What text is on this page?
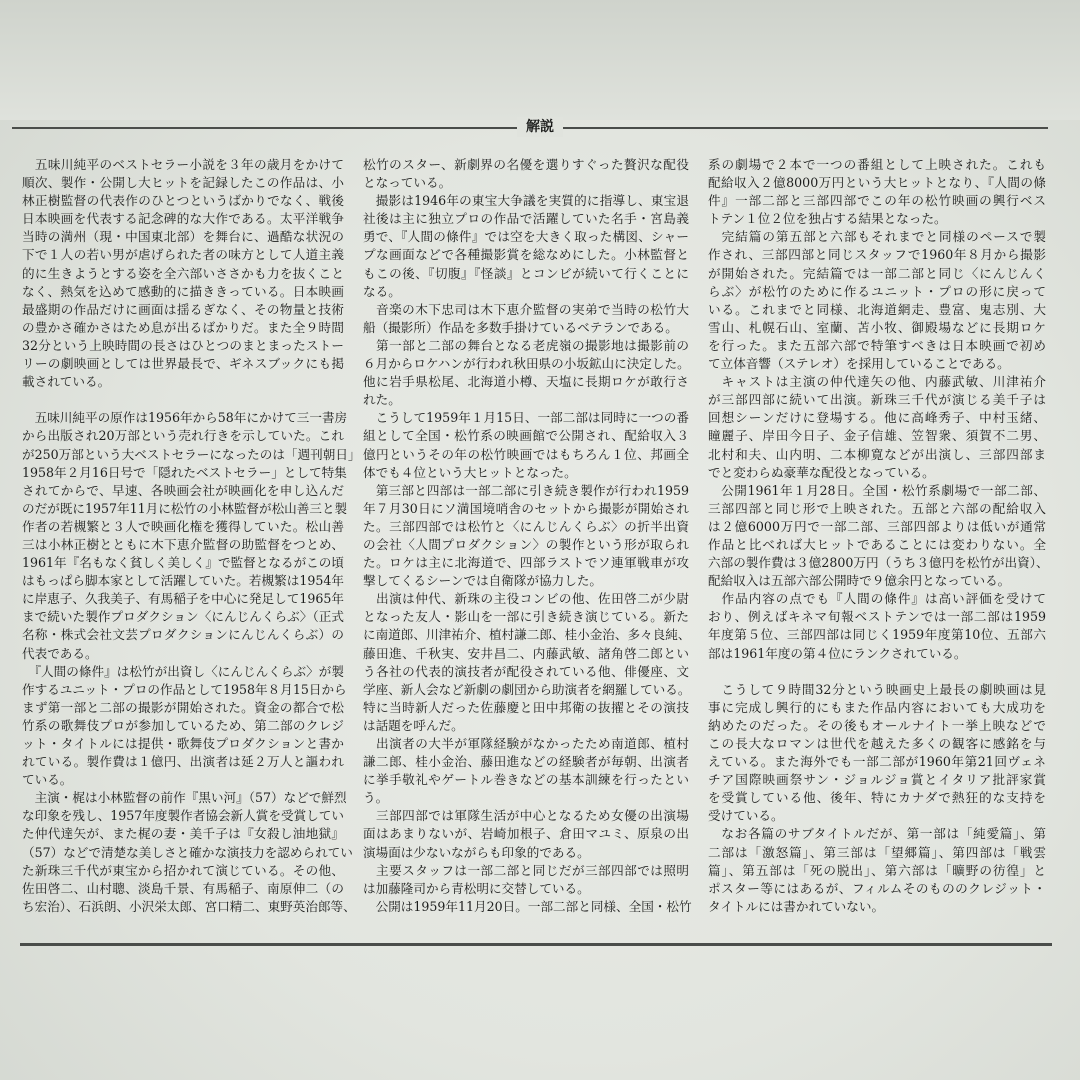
解説
　五味川純平のベストセラー小説を３年の歳月をかけて
順次、製作・公開し大ヒットを記録したこの作品は、小
林正樹監督の代表作のひとつというばかりでなく、戦後
日本映画を代表する記念碑的な大作である。太平洋戦争
当時の満州（現・中国東北部）を舞台に、過酷な状況の
下で１人の若い男が虐げられた者の味方として人道主義
的に生きようとする姿を全六部いささかも力を抜くこと
なく、熱気を込めて感動的に描ききっている。日本映画
最盛期の作品だけに画面は揺るぎなく、その物量と技術
の豊かさ確かさはため息が出るばかりだ。また全９時間
32分という上映時間の長さはひとつのまとまったストー
リーの劇映画としては世界最長で、ギネスブックにも掲
載されている。
　五味川純平の原作は1956年から58年にかけて三一書房
から出版され20万部という売れ行きを示していた。これ
が250万部という大ベストセラーになったのは「週刊朝日」
1958年２月16日号で「隠れたベストセラー」として特集
されてからで、早速、各映画会社が映画化を申し込んだ
のだが既に1957年11月に松竹の小林監督が松山善三と製
作者の若槻繁と３人で映画化権を獲得していた。松山善
三は小林正樹とともに木下恵介監督の助監督をつとめ、
1961年『名もなく貧しく美しく』で監督となるがこの頃
はもっぱら脚本家として活躍していた。若槻繁は1954年
に岸恵子、久我美子、有馬稲子を中心に発足して1965年
まで続いた製作プロダクション〈にんじんくらぶ〉（正式
名称・株式会社文芸プロダクションにんじんくらぶ）の
代表である。
　『人間の條件』は松竹が出資し〈にんじんくらぶ〉が製
作するユニット・プロの作品として1958年８月15日から
まず第一部と二部の撮影が開始された。資金の都合で松
竹系の歌舞伎プロが参加しているため、第二部のクレジ
ット・タイトルには提供・歌舞伎プロダクションと書か
れている。製作費は１億円、出演者は延２万人と謳われ
ている。
　主演・梶は小林監督の前作『黒い河』（57）などで鮮烈
な印象を残し、1957年度製作者協会新人賞を受賞してい
た仲代達矢が、また梶の妻・美千子は『女殺し油地獄』
（57）などで清楚な美しさと確かな演技力を認められてい
た新珠三千代が東宝から招かれて演じている。その他、
佐田啓二、山村聰、淡島千景、有馬稲子、南原伸二（の
ち宏治）、石浜朗、小沢栄太郎、宮口精二、東野英治郎等、
松竹のスター、新劇界の名優を選りすぐった贅沢な配役
となっている。
　撮影は1946年の東宝大争議を実質的に指導し、東宝退
社後は主に独立プロの作品で活躍していた名手・宮島義
勇で、『人間の條件』では空を大きく取った構図、シャー
プな画面などで各種撮影賞を総なめにした。小林監督と
もこの後、『切腹』『怪談』とコンビが続いて行くことに
なる。
　音楽の木下忠司は木下恵介監督の実弟で当時の松竹大
船（撮影所）作品を多数手掛けているベテランである。
　第一部と二部の舞台となる老虎嶺の撮影地は撮影前の
６月からロケハンが行われ秋田県の小坂鉱山に決定した。
他に岩手県松尾、北海道小樽、天塩に長期ロケが敢行さ
れた。
　こうして1959年１月15日、一部二部は同時に一つの番
組として全国・松竹系の映画館で公開され、配給収入３
億円というその年の松竹映画ではもちろん１位、邦画全
体でも４位という大ヒットとなった。
　第三部と四部は一部二部に引き続き製作が行われ1959
年７月30日にソ満国境哨舎のセットから撮影が開始され
た。三部四部では松竹と〈にんじんくらぶ〉の折半出資
の会社〈人間プロダクション〉の製作という形が取られ
た。ロケは主に北海道で、四部ラストでソ連軍戦車が攻
撃してくるシーンでは自衛隊が協力した。
　出演は仲代、新珠の主役コンビの他、佐田啓二が少尉
となった友人・影山を一部に引き続き演じている。新た
に南道郎、川津祐介、植村謙二郎、桂小金治、多々良純、
藤田進、千秋実、安井昌二、内藤武敏、諸角啓二郎とい
う各社の代表的演技者が配役されている他、俳優座、文
学座、新人会など新劇の劇団から助演者を網羅している。
特に当時新人だった佐藤慶と田中邦衛の抜擢とその演技
は話題を呼んだ。
　出演者の大半が軍隊経験がなかったため南道郎、植村
謙二郎、桂小金治、藤田進などの経験者が毎朝、出演者
に挙手敬礼やゲートル巻きなどの基本訓練を行ったとい
う。
　三部四部では軍隊生活が中心となるため女優の出演場
面はあまりないが、岩崎加根子、倉田マユミ、原泉の出
演場面は少ないながらも印象的である。
　主要スタッフは一部二部と同じだが三部四部では照明
は加藤隆司から青松明に交替している。
　公開は1959年11月20日。一部二部と同様、全国・松竹
系の劇場で２本で一つの番組として上映された。これも
配給収入２億8000万円という大ヒットとなり、『人間の條
件』一部二部と三部四部でこの年の松竹映画の興行ベス
トテン１位２位を独占する結果となった。
　完結篇の第五部と六部もそれまでと同様のペースで製
作され、三部四部と同じスタッフで1960年８月から撮影
が開始された。完結篇では一部二部と同じ〈にんじんく
らぶ〉が松竹のために作るユニット・プロの形に戻って
いる。これまでと同様、北海道網走、豊富、鬼志別、大
雪山、札幌石山、室蘭、苫小牧、御殿場などに長期ロケ
を行った。また五部六部で特筆すべきは日本映画で初め
て立体音響（ステレオ）を採用していることである。
　キャストは主演の仲代達矢の他、内藤武敏、川津祐介
が三部四部に続いて出演。新珠三千代が演じる美千子は
回想シーンだけに登場する。他に高峰秀子、中村玉緒、
瞳麗子、岸田今日子、金子信雄、笠智衆、須賀不二男、
北村和夫、山内明、二本柳寛などが出演し、三部四部ま
でと変わらぬ豪華な配役となっている。
　公開1961年１月28日。全国・松竹系劇場で一部二部、
三部四部と同じ形で上映された。五部と六部の配給収入
は２億6000万円で一部二部、三部四部よりは低いが通常
作品と比べれば大ヒットであることには変わりない。全
六部の製作費は３億2800万円（うち３億円を松竹が出資）、
配給収入は五部六部公開時で９億余円となっている。
　作品内容の点でも『人間の條件』は高い評価を受けて
おり、例えばキネマ旬報ベストテンでは一部二部は1959
年度第５位、三部四部は同じく1959年度第10位、五部六
部は1961年度の第４位にランクされている。
　こうして９時間32分という映画史上最長の劇映画は見
事に完成し興行的にもまた作品内容においても大成功を
納めたのだった。その後もオールナイト一挙上映などで
この長大なロマンは世代を越えた多くの観客に感銘を与
えている。また海外でも一部二部が1960年第21回ヴェネ
チア国際映画祭サン・ジョルジョ賞とイタリア批評家賞
を受賞している他、後年、特にカナダで熱狂的な支持を
受けている。
　なお各篇のサブタイトルだが、第一部は「純愛篇」、第
二部は「激怒篇」、第三部は「望郷篇」、第四部は「戦雲
篇」、第五部は「死の脱出」、第六部は「曠野の彷徨」と
ポスター等にはあるが、フィルムそのもののクレジット・
タイトルには書かれていない。
